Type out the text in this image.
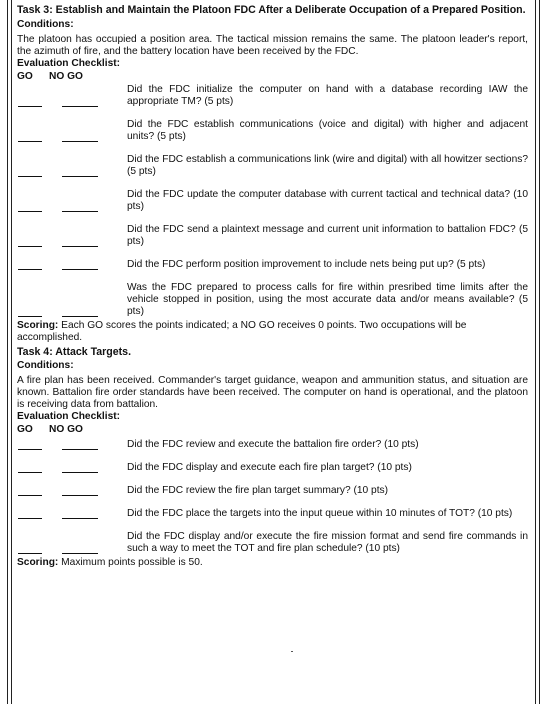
Task 3: Establish and Maintain the Platoon FDC After a Deliberate Occupation of a Prepared Position.

Conditions:

The platoon has occupied a position area. The tactical mission remains the same. The platoon leader's report, the azimuth of fire, and the battery location have been received by the FDC.

Evaluation Checklist:
GO	NO GO

Did the FDC initialize the computer on hand with a database recording IAW the appropriate TM? (5 pts)

Did the FDC establish communications (voice and digital) with higher and adjacent units? (5 pts)

Did the FDC establish a communications link (wire and digital) with all howitzer sections? (5 pts)

Did the FDC update the computer database with current tactical and technical data? (10 pts)

Did the FDC send a plaintext message and current unit information to battalion FDC? (5 pts)

Did the FDC perform position improvement to include nets being put up? (5 pts)

Was the FDC prepared to process calls for fire within presribed time limits after the vehicle stopped in position, using the most accurate data and/or means available? (5 pts)

Scoring: Each GO scores the points indicated; a NO GO receives 0 points. Two occupations will be accomplished.

Task 4: Attack Targets.

Conditions:

A fire plan has been received. Commander's target guidance, weapon and ammunition status, and situation are known. Battalion fire order standards have been received. The computer on hand is operational, and the platoon is receiving data from battalion.

Evaluation Checklist:
GO	NO GO

Did the FDC review and execute the battalion fire order? (10 pts)

Did the FDC display and execute each fire plan target? (10 pts)

Did the FDC review the fire plan target summary? (10 pts)

Did the FDC place the targets into the input queue within 10 minutes of TOT? (10 pts)

Did the FDC display and/or execute the fire mission format and send fire commands in such a way to meet the TOT and fire plan schedule? (10 pts)

Scoring: Maximum points possible is 50.
